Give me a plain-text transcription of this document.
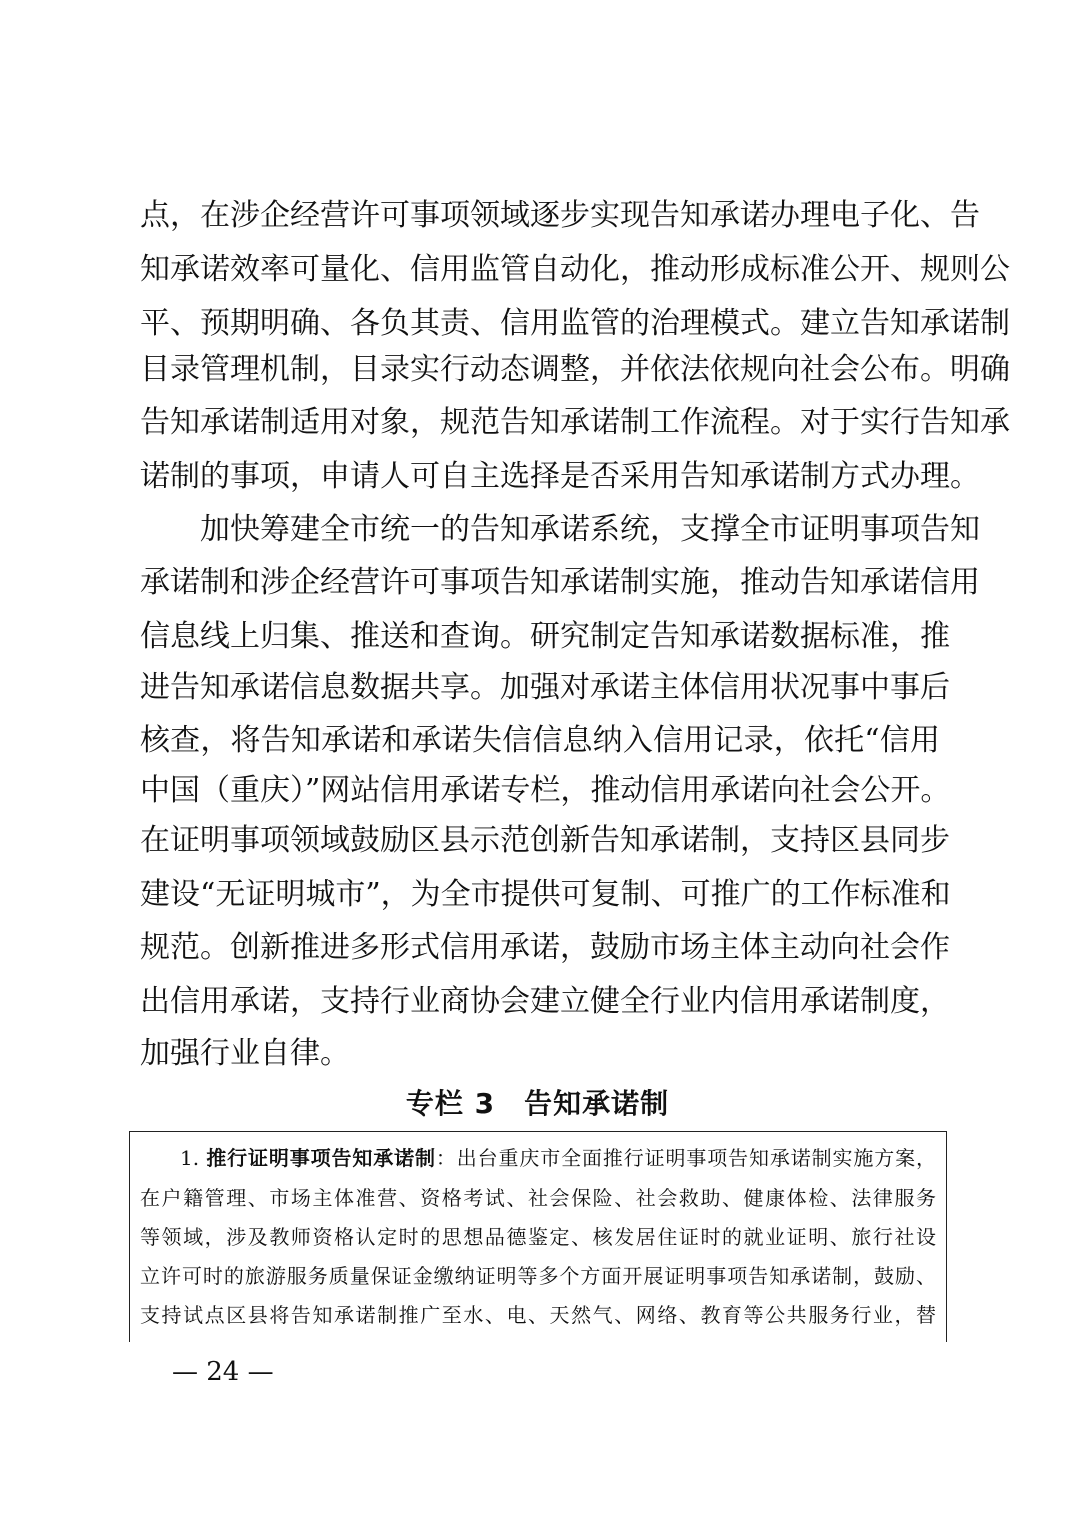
点，在涉企经营许可事项领域逐步实现告知承诺办理电子化、告
知承诺效率可量化、信用监管自动化，推动形成标准公开、规则公
平、预期明确、各负其责、信用监管的治理模式。建立告知承诺制
目录管理机制，目录实行动态调整，并依法依规向社会公布。明确
告知承诺制适用对象，规范告知承诺制工作流程。对于实行告知承
诺制的事项，申请人可自主选择是否采用告知承诺制方式办理。
加快筹建全市统一的告知承诺系统，支撑全市证明事项告知
承诺制和涉企经营许可事项告知承诺制实施，推动告知承诺信用
信息线上归集、推送和查询。研究制定告知承诺数据标准，推
进告知承诺信息数据共享。加强对承诺主体信用状况事中事后
核查，将告知承诺和承诺失信信息纳入信用记录，依托“信用
中国（重庆）”网站信用承诺专栏，推动信用承诺向社会公开。
在证明事项领域鼓励区县示范创新告知承诺制，支持区县同步
建设“无证明城市”，为全市提供可复制、可推广的工作标准和
规范。创新推进多形式信用承诺，鼓励市场主体主动向社会作
出信用承诺，支持行业商协会建立健全行业内信用承诺制度，
加强行业自律。
专栏 3　告知承诺制
1. 推行证明事项告知承诺制：出台重庆市全面推行证明事项告知承诺制实施方案，
在户籍管理、市场主体准营、资格考试、社会保险、社会救助、健康体检、法律服务
等领域，涉及教师资格认定时的思想品德鉴定、核发居住证时的就业证明、旅行社设
立许可时的旅游服务质量保证金缴纳证明等多个方面开展证明事项告知承诺制，鼓励、
支持试点区县将告知承诺制推广至水、电、天然气、网络、教育等公共服务行业，替
— 24 —
